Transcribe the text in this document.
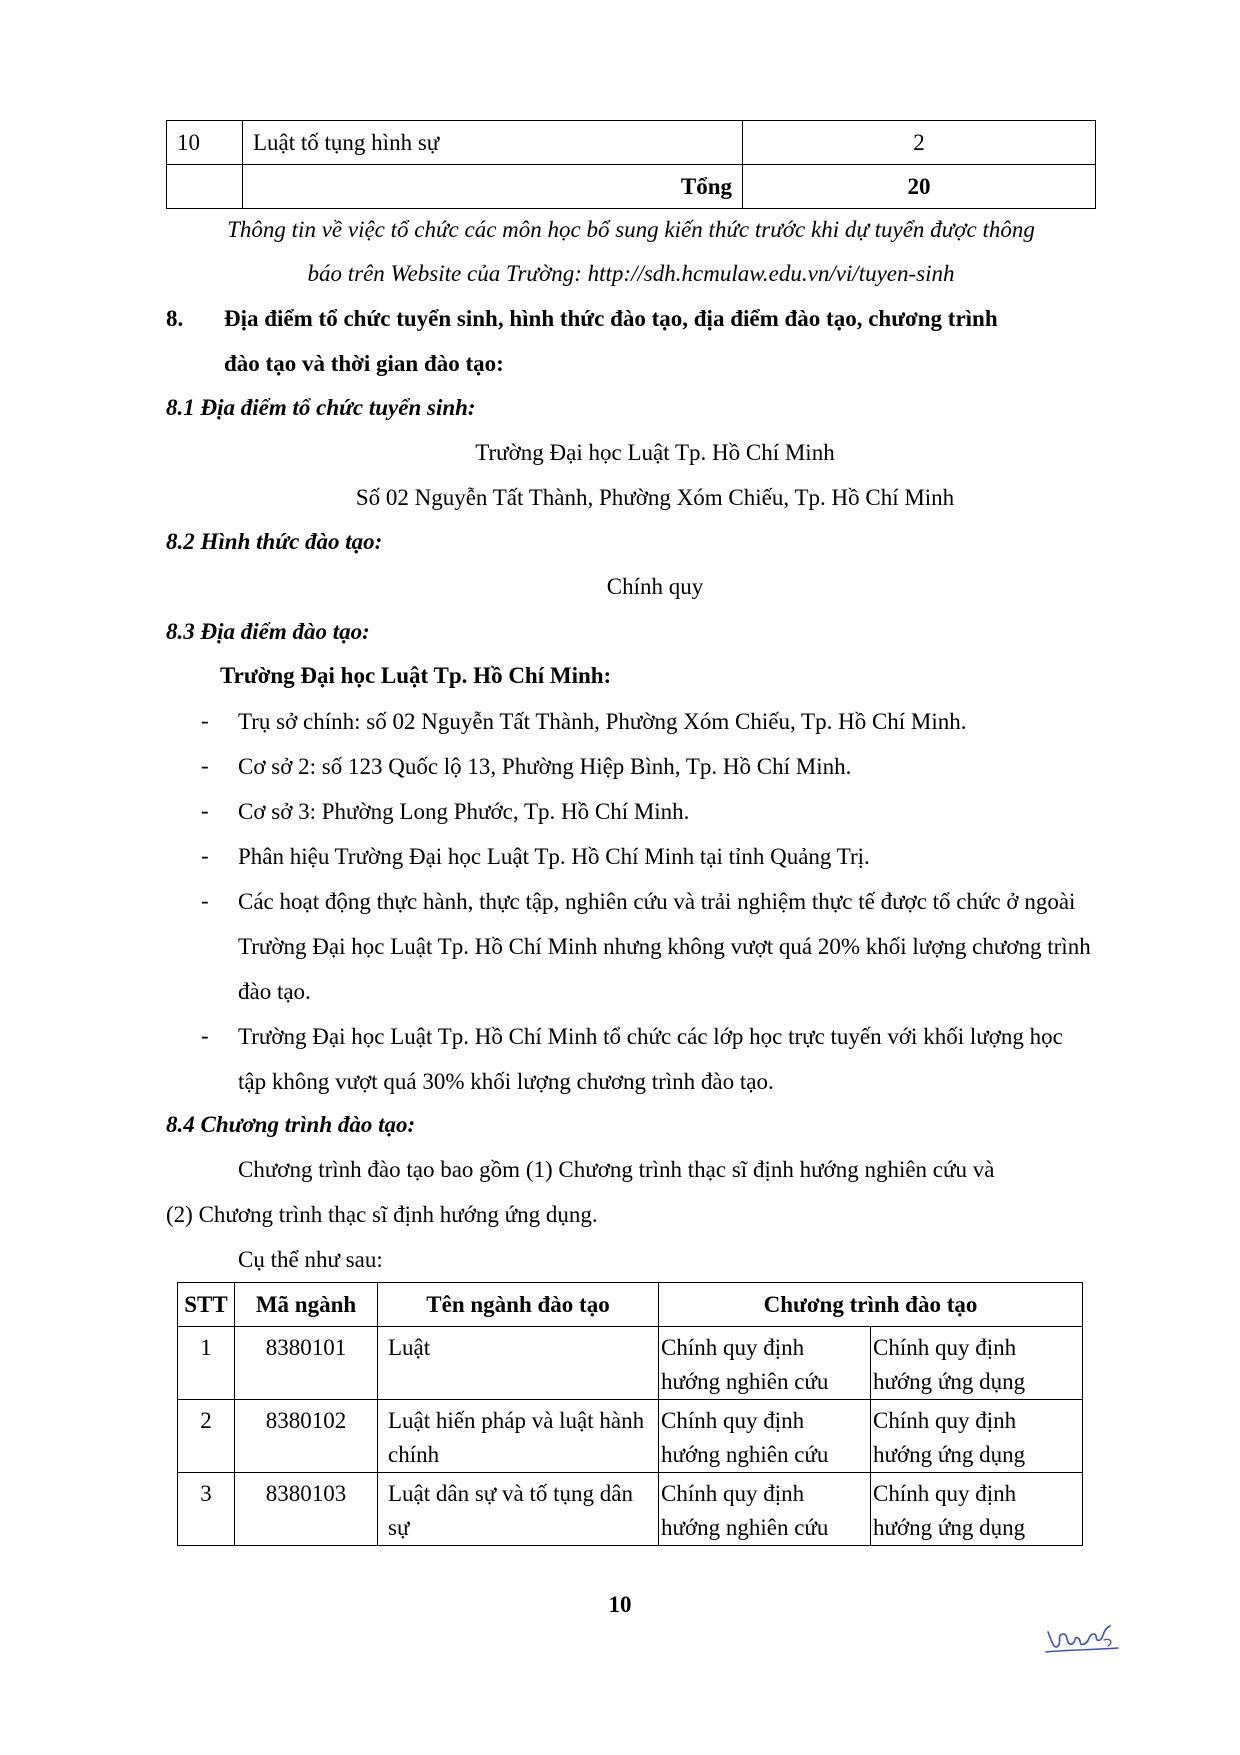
10	Luật tố tụng hình sự	2
	Tổng	20
Thông tin về việc tổ chức các môn học bổ sung kiến thức trước khi dự tuyển được thông
báo trên Website của Trường: http://sdh.hcmulaw.edu.vn/vi/tuyen-sinh
8. Địa điểm tổ chức tuyển sinh, hình thức đào tạo, địa điểm đào tạo, chương trình
đào tạo và thời gian đào tạo:
8.1 Địa điểm tổ chức tuyển sinh:
Trường Đại học Luật Tp. Hồ Chí Minh
Số 02 Nguyễn Tất Thành, Phường Xóm Chiếu, Tp. Hồ Chí Minh
8.2 Hình thức đào tạo:
Chính quy
8.3 Địa điểm đào tạo:
Trường Đại học Luật Tp. Hồ Chí Minh:
- Trụ sở chính: số 02 Nguyễn Tất Thành, Phường Xóm Chiếu, Tp. Hồ Chí Minh.
- Cơ sở 2: số 123 Quốc lộ 13, Phường Hiệp Bình, Tp. Hồ Chí Minh.
- Cơ sở 3: Phường Long Phước, Tp. Hồ Chí Minh.
- Phân hiệu Trường Đại học Luật Tp. Hồ Chí Minh tại tỉnh Quảng Trị.
- Các hoạt động thực hành, thực tập, nghiên cứu và trải nghiệm thực tế được tổ chức ở ngoài Trường Đại học Luật Tp. Hồ Chí Minh nhưng không vượt quá 20% khối lượng chương trình đào tạo.
- Trường Đại học Luật Tp. Hồ Chí Minh tổ chức các lớp học trực tuyến với khối lượng học tập không vượt quá 30% khối lượng chương trình đào tạo.
8.4 Chương trình đào tạo:
Chương trình đào tạo bao gồm (1) Chương trình thạc sĩ định hướng nghiên cứu và
(2) Chương trình thạc sĩ định hướng ứng dụng.
Cụ thể như sau:
STT	Mã ngành	Tên ngành đào tạo	Chương trình đào tạo	
1	8380101	Luật	Chính quy định hướng nghiên cứu	Chính quy định hướng ứng dụng
2	8380102	Luật hiến pháp và luật hành chính	Chính quy định hướng nghiên cứu	Chính quy định hướng ứng dụng
3	8380103	Luật dân sự và tố tụng dân sự	Chính quy định hướng nghiên cứu	Chính quy định hướng ứng dụng
10
